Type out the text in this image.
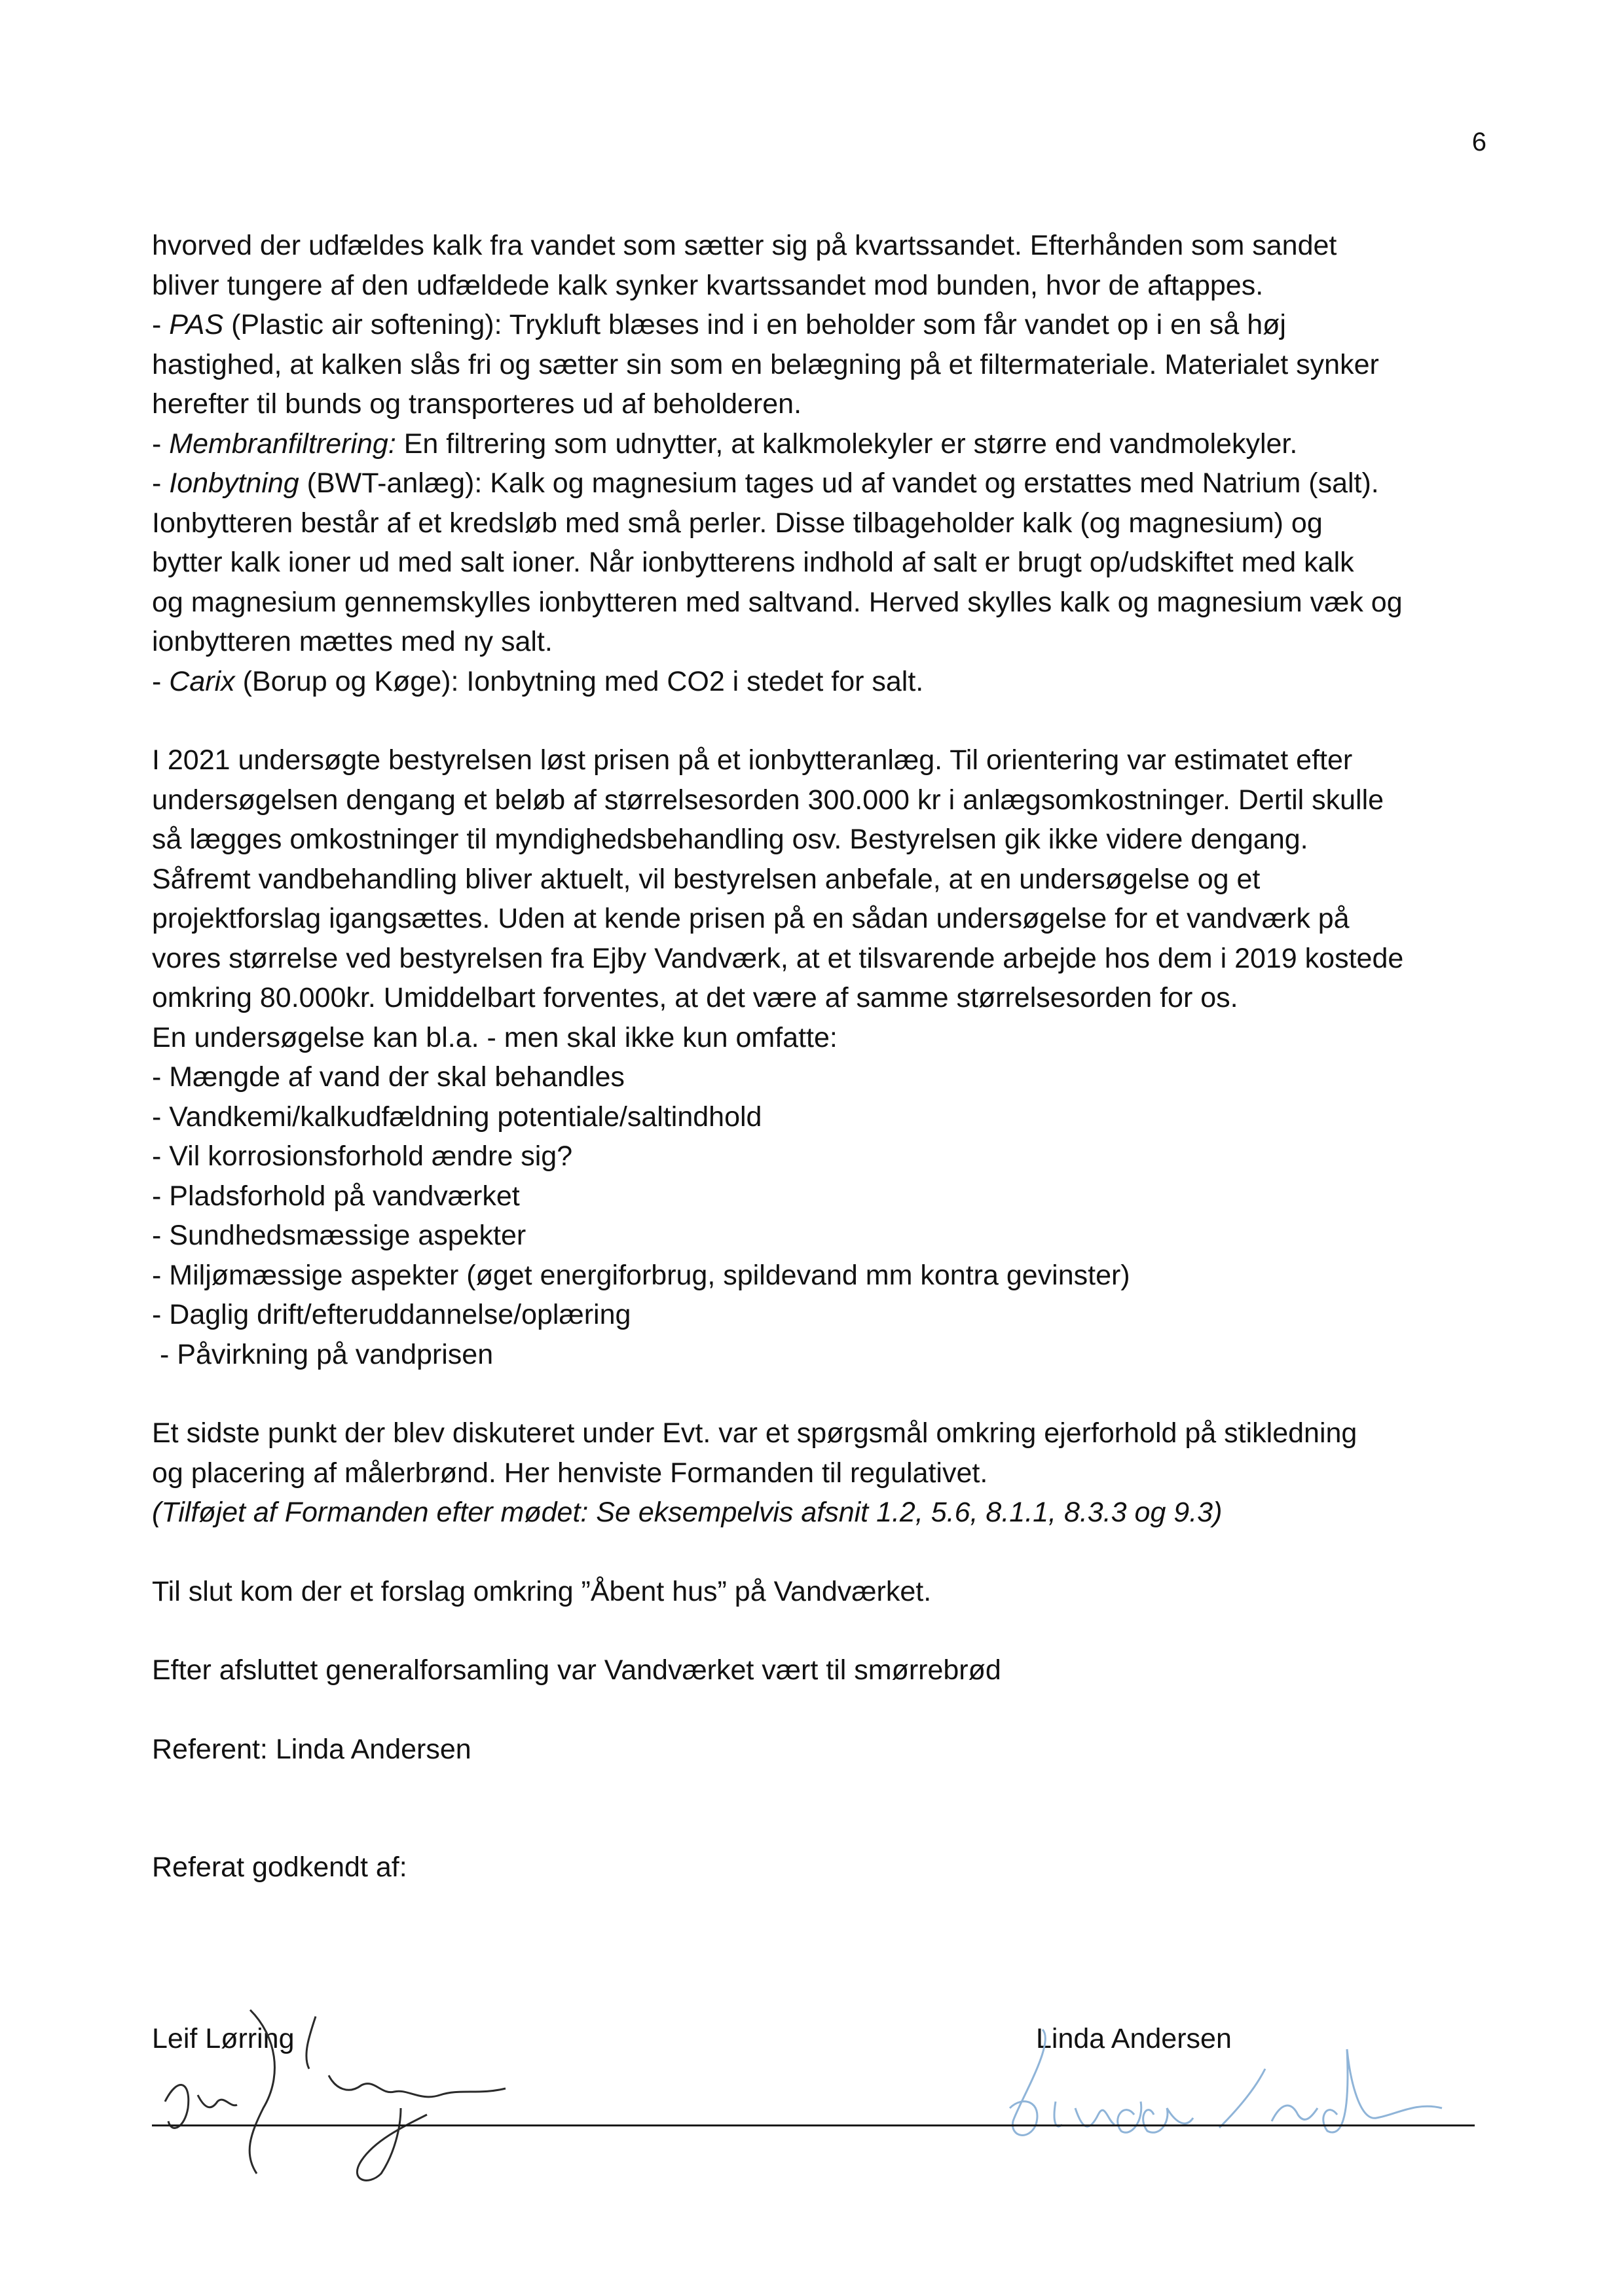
6
hvorved der udfældes kalk fra vandet som sætter sig på kvartssandet. Efterhånden som sandet
bliver tungere af den udfældede kalk synker kvartssandet mod bunden, hvor de aftappes.
- PAS (Plastic air softening): Trykluft blæses ind i en beholder som får vandet op i en så høj
hastighed, at kalken slås fri og sætter sin som en belægning på et filtermateriale. Materialet synker
herefter til bunds og transporteres ud af beholderen.
- Membranfiltrering: En filtrering som udnytter, at kalkmolekyler er større end vandmolekyler.
- Ionbytning (BWT-anlæg): Kalk og magnesium tages ud af vandet og erstattes med Natrium (salt).
Ionbytteren består af et kredsløb med små perler. Disse tilbageholder kalk (og magnesium) og
bytter kalk ioner ud med salt ioner. Når ionbytterens indhold af salt er brugt op/udskiftet med kalk
og magnesium gennemskylles ionbytteren med saltvand. Herved skylles kalk og magnesium væk og
ionbytteren mættes med ny salt.
- Carix (Borup og Køge): Ionbytning med CO2 i stedet for salt.
I 2021 undersøgte bestyrelsen løst prisen på et ionbytteranlæg. Til orientering var estimatet efter
undersøgelsen dengang et beløb af størrelsesorden 300.000 kr i anlægsomkostninger. Dertil skulle
så lægges omkostninger til myndighedsbehandling osv. Bestyrelsen gik ikke videre dengang.
Såfremt vandbehandling bliver aktuelt, vil bestyrelsen anbefale, at en undersøgelse og et
projektforslag igangsættes. Uden at kende prisen på en sådan undersøgelse for et vandværk på
vores størrelse ved bestyrelsen fra Ejby Vandværk, at et tilsvarende arbejde hos dem i 2019 kostede
omkring 80.000kr. Umiddelbart forventes, at det være af samme størrelsesorden for os.
En undersøgelse kan bl.a. - men skal ikke kun omfatte:
- Mængde af vand der skal behandles
- Vandkemi/kalkudfældning potentiale/saltindhold
- Vil korrosionsforhold ændre sig?
- Pladsforhold på vandværket
- Sundhedsmæssige aspekter
- Miljømæssige aspekter (øget energiforbrug, spildevand mm kontra gevinster)
- Daglig drift/efteruddannelse/oplæring
- Påvirkning på vandprisen
Et sidste punkt der blev diskuteret under Evt. var et spørgsmål omkring ejerforhold på stikledning
og placering af målerbrønd. Her henviste Formanden til regulativet.
(Tilføjet af Formanden efter mødet: Se eksempelvis afsnit 1.2, 5.6, 8.1.1, 8.3.3 og 9.3)
Til slut kom der et forslag omkring ”Åbent hus” på Vandværket.
Efter afsluttet generalforsamling var Vandværket vært til smørrebrød
Referent: Linda Andersen
Referat godkendt af:
Leif Lørring	Linda Andersen
